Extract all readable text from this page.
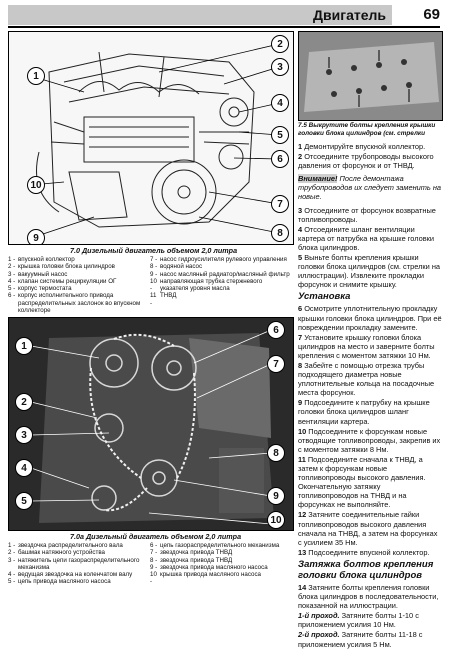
Двигатель	69
1
2
3
4
5
6
7
8
9
10
7.0 Дизельный двигатель объемом 2,0 литра
1 - впускной коллектор
2 - крышка головки блока цилиндров
3 - вакуумный насос
4 - клапан системы рециркуляции ОГ
5 - корпус термостата
6 - корпус исполнительного привода распределительных заслонок во впускном коллекторе
7 - насос гидроусилителя рулевого управления
8 - водяной насос
9 - насос масляный радиатор/масляный фильтр
10 -
направляющая трубка стержневого указателя уровня масла
11 -
ТНВД
1
6
7
2
8
3
4
9
5
10
7.0а Дизельный двигатель объемом 2,0 литра
1 - звездочка распределительного вала
2 - башмак натяжного устройства
3 - натяжитель цепи газораспределительного механизма
4 - ведущая звездочка на коленчатом валу
5 - цепь привода масляного насоса
6 - цепь газораспределительного механизма
7 - звездочка привода ТНВД
8 - звездочка привода ТНВД
9 - звездочка привода масляного насоса
10 -
крышка привода масляного насоса

7.5 Выкрутите болты крепления крышки головки блока цилиндров (см. стрелки

1 Демонтируйте впускной коллектор.

2 Отсоедините трубопроводы высокого давления от форсунок и от ТНВД.

Внимание! После демонтажа трубопроводов их следует заменить на новые.

3 Отсоедините от форсунок возвратные топливопроводы.

4 Отсоедините шланг вентиляции картера от патрубка на крышке головки блока цилиндров.

5 Выньте болты крепления крышки головки блока цилиндров (см. стрелки на иллюстрации). Извлеките прокладки форсунок и снимите крышку.

Установка

6 Осмотрите уплотнительную прокладку крышки головки блока цилиндров. При её повреждении прокладку замените.

7 Установите крышку головки блока цилиндров на место и заверните болты крепления с моментом затяжки 10 Нм.

8 Забейте с помощью отрезка трубы подходящего диаметра новые уплотнительные кольца на посадочные места форсунок.

9 Подсоедините к патрубку на крышке головки блока цилиндров шланг вентиляции картера.

10 Подсоедините к форсункам новые отводящие топливопроводы, закрепив их с моментом затяжки 8 Нм.

11 Подсоедините сначала к ТНВД, а затем к форсункам новые топливопроводы высокого давления. Окончательную затяжку топливопроводов на ТНВД и на форсунках не выполняйте.

12 Затяните соединительные гайки топливопроводов высокого давления сначала на ТНВД, а затем на форсунках с усилием 35 Нм.

13 Подсоедините впускной коллектор.

Затяжка болтов крепления головки блока цилиндров

14 Затяните болты крепления головки блока цилиндров в последовательности, показанной на иллюстрации.

1-й проход. Затяните болты 1-10 с приложением усилия 10 Нм.

2-й проход. Затяните болты 11-18 с приложением усилия 5 Нм.
